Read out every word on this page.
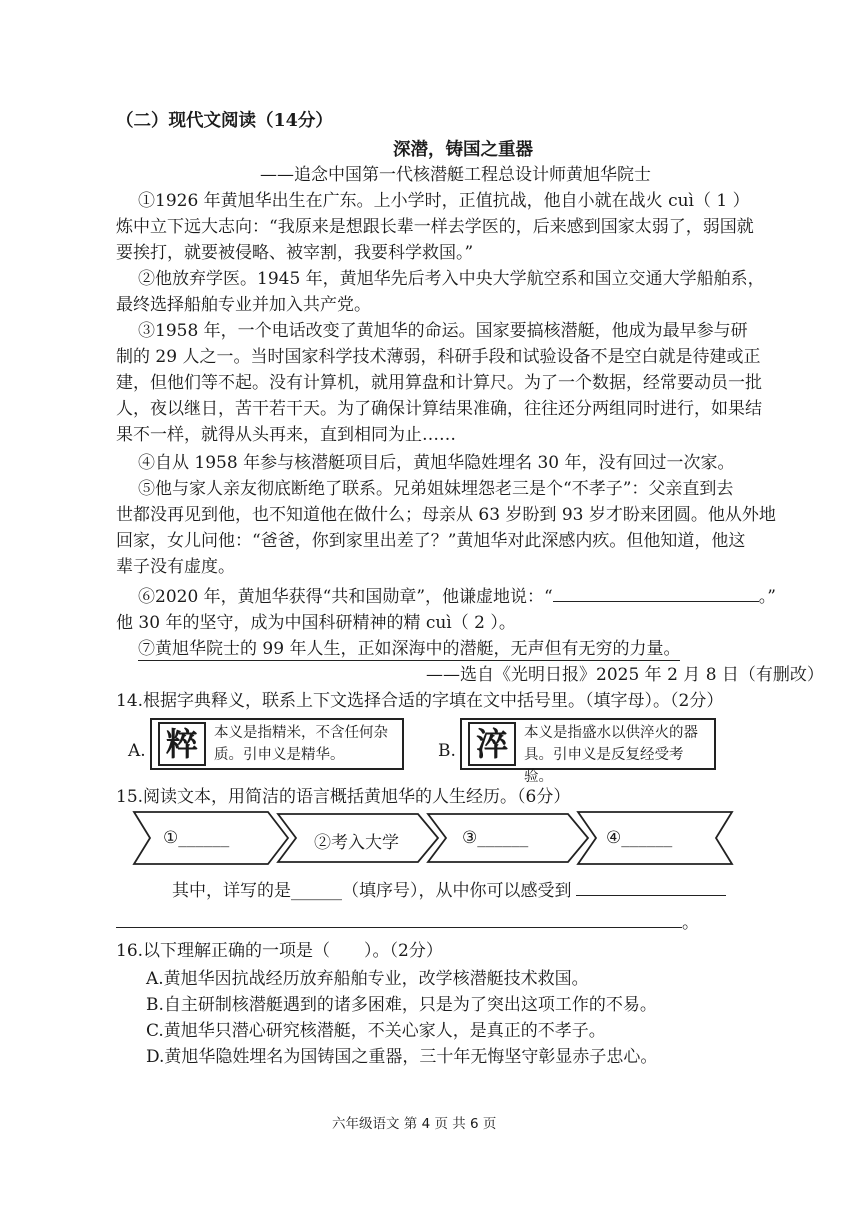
（二）现代文阅读（14分）
深潜，铸国之重器
——追念中国第一代核潜艇工程总设计师黄旭华院士
①1926 年黄旭华出生在广东。上小学时，正值抗战，他自小就在战火 cuì（ 1 ）
炼中立下远大志向：“我原来是想跟长辈一样去学医的，后来感到国家太弱了，弱国就
要挨打，就要被侵略、被宰割，我要科学救国。”
②他放弃学医。1945 年，黄旭华先后考入中央大学航空系和国立交通大学船舶系，
最终选择船舶专业并加入共产党。
③1958 年，一个电话改变了黄旭华的命运。国家要搞核潜艇，他成为最早参与研
制的 29 人之一。当时国家科学技术薄弱，科研手段和试验设备不是空白就是待建或正
建，但他们等不起。没有计算机，就用算盘和计算尺。为了一个数据，经常要动员一批
人，夜以继日，苦干若干天。为了确保计算结果准确，往往还分两组同时进行，如果结
果不一样，就得从头再来，直到相同为止……
④自从 1958 年参与核潜艇项目后，黄旭华隐姓埋名 30 年，没有回过一次家。
⑤他与家人亲友彻底断绝了联系。兄弟姐妹埋怨老三是个“不孝子”：父亲直到去
世都没再见到他，也不知道他在做什么；母亲从 63 岁盼到 93 岁才盼来团圆。他从外地
回家，女儿问他：“爸爸，你到家里出差了？”黄旭华对此深感内疚。但他知道，他这
辈子没有虚度。
⑥2020 年，黄旭华获得“共和国勋章”，他谦虚地说：“	。”
他 30 年的坚守，成为中国科研精神的精 cuì（ 2 ）。
⑦黄旭华院士的 99 年人生，正如深海中的潜艇，无声但有无穷的力量。
——选自《光明日报》2025 年 2 月 8 日（有删改）
14.根据字典释义，联系上下文选择合适的字填在文中括号里。（填字母）。（2分）
A. 粹	本义是指精米，不含任何杂质。引申义是精华。	B. 淬	本义是指盛水以供淬火的器具。引申义是反复经受考验。
15.阅读文本，用简洁的语言概括黄旭华的人生经历。（6分）
①______	②考入大学	③______	④______
其中，详写的是______（填序号），从中你可以感受到
。
16.以下理解正确的一项是（　　）。（2分）
A.黄旭华因抗战经历放弃船舶专业，改学核潜艇技术救国。
B.自主研制核潜艇遇到的诸多困难，只是为了突出这项工作的不易。
C.黄旭华只潜心研究核潜艇，不关心家人，是真正的不孝子。
D.黄旭华隐姓埋名为国铸国之重器，三十年无悔坚守彰显赤子忠心。
六年级语文 第 4 页 共 6 页
